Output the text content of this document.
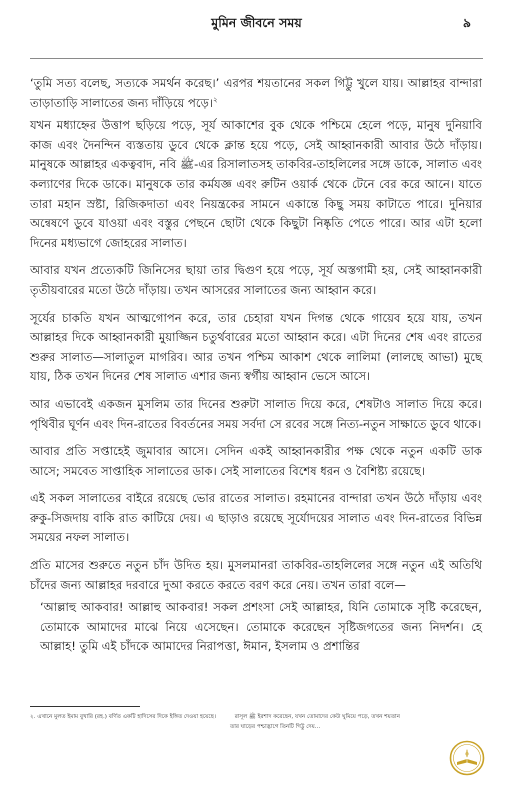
মুমিন জীবনে সময়	৯

‘তুমি সত্য বলেছ, সত্যকে সমর্থন করেছ।’ এরপর শয়তানের সকল গিট্টু খুলে যায়। আল্লাহর বান্দারা তাড়াতাড়ি সালাতের জন্য দাঁড়িয়ে পড়ে।$^২$

যখন মধ্যাহ্নের উত্তাপ ছড়িয়ে পড়ে, সূর্য আকাশের বুক থেকে পশ্চিমে হেলে পড়ে, মানুষ দুনিয়াবি কাজ এবং দৈনন্দিন ব্যস্ততায় ডুবে থেকে ক্লান্ত হয়ে পড়ে, সেই আহ্বানকারী আবার উঠে দাঁড়ায়। মানুষকে আল্লাহর একত্ববাদ, নবি ﷺ-এর রিসালাতসহ তাকবির-তাহলিলের সঙ্গে ডাকে, সালাত এবং কল্যাণের দিকে ডাকে। মানুষকে তার কর্মযজ্ঞ এবং রুটিন ওয়ার্ক থেকে টেনে বের করে আনে। যাতে তারা মহান স্রষ্টা, রিজিকদাতা এবং নিয়ন্ত্রকের সামনে একান্তে কিছু সময় কাটাতে পারে। দুনিয়ার অন্বেষণে ডুবে যাওয়া এবং বস্তুর পেছনে ছোটা থেকে কিছুটা নিষ্কৃতি পেতে পারে। আর এটা হলো দিনের মধ্যভাগে জোহরের সালাত।

আবার যখন প্রত্যেকটি জিনিসের ছায়া তার দ্বিগুণ হয়ে পড়ে, সূর্য অস্তগামী হয়, সেই আহ্বানকারী তৃতীয়বারের মতো উঠে দাঁড়ায়। তখন আসরের সালাতের জন্য আহ্বান করে।

সূর্যের চাকতি যখন আত্মগোপন করে, তার চেহারা যখন দিগন্ত থেকে গায়েব হয়ে যায়, তখন আল্লাহর দিকে আহ্বানকারী মুয়াজ্জিন চতুর্থবারের মতো আহ্বান করে। এটা দিনের শেষ এবং রাতের শুরুর সালাত—সালাতুল মাগরিব। আর তখন পশ্চিম আকাশ থেকে লালিমা (লালছে আভা) মুছে যায়, ঠিক তখন দিনের শেষ সালাত এশার জন্য স্বর্গীয় আহ্বান ভেসে আসে।

আর এভাবেই একজন মুসলিম তার দিনের শুরুটা সালাত দিয়ে করে, শেষটাও সালাত দিয়ে করে। পৃথিবীর ঘূর্ণন এবং দিন-রাতের বিবর্তনের সময় সর্বদা সে রবের সঙ্গে নিত্য-নতুন সাক্ষাতে ডুবে থাকে।

আবার প্রতি সপ্তাহেই জুমাবার আসে। সেদিন একই আহ্বানকারীর পক্ষ থেকে নতুন একটি ডাক আসে; সমবেত সাপ্তাহিক সালাতের ডাক। সেই সালাতের বিশেষ ধরন ও বৈশিষ্ট্য রয়েছে।

এই সকল সালাতের বাইরে রয়েছে ভোর রাতের সালাত। রহমানের বান্দারা তখন উঠে দাঁড়ায় এবং রুকু-সিজদায় বাকি রাত কাটিয়ে দেয়। এ ছাড়াও রয়েছে সূর্যোদয়ের সালাত এবং দিন-রাতের বিভিন্ন সময়ের নফল সালাত।

প্রতি মাসের শুরুতে নতুন চাঁদ উদিত হয়। মুসলমানরা তাকবির-তাহলিলের সঙ্গে নতুন এই অতিথি চাঁদের জন্য আল্লাহর দরবারে দুআ করতে করতে বরণ করে নেয়। তখন তারা বলে—

‘আল্লাহু আকবার! আল্লাহু আকবার! সকল প্রশংসা সেই আল্লাহর, যিনি তোমাকে সৃষ্টি করেছেন, তোমাকে আমাদের মাঝে নিয়ে এসেছেন। তোমাকে করেছেন সৃষ্টিজগতের জন্য নিদর্শন। হে আল্লাহ! তুমি এই চাঁদকে আমাদের নিরাপত্তা, ঈমান, ইসলাম ও প্রশান্তির

২. এখানে মুলত ইমাম বুখারি (রহ.) বর্ণিত একটি হাদিসের দিকে ইঙ্গিত দেওয়া হয়েছে।	রাসূল ﷺ ইরশাদ করেছেন, যখন তোমাদের কেউ ঘুমিয়ে পড়ে, তখন শয়তান
তার ঘাড়ের পশ্চাদ্ভাগে তিনটি গিট্টু দেয়...
